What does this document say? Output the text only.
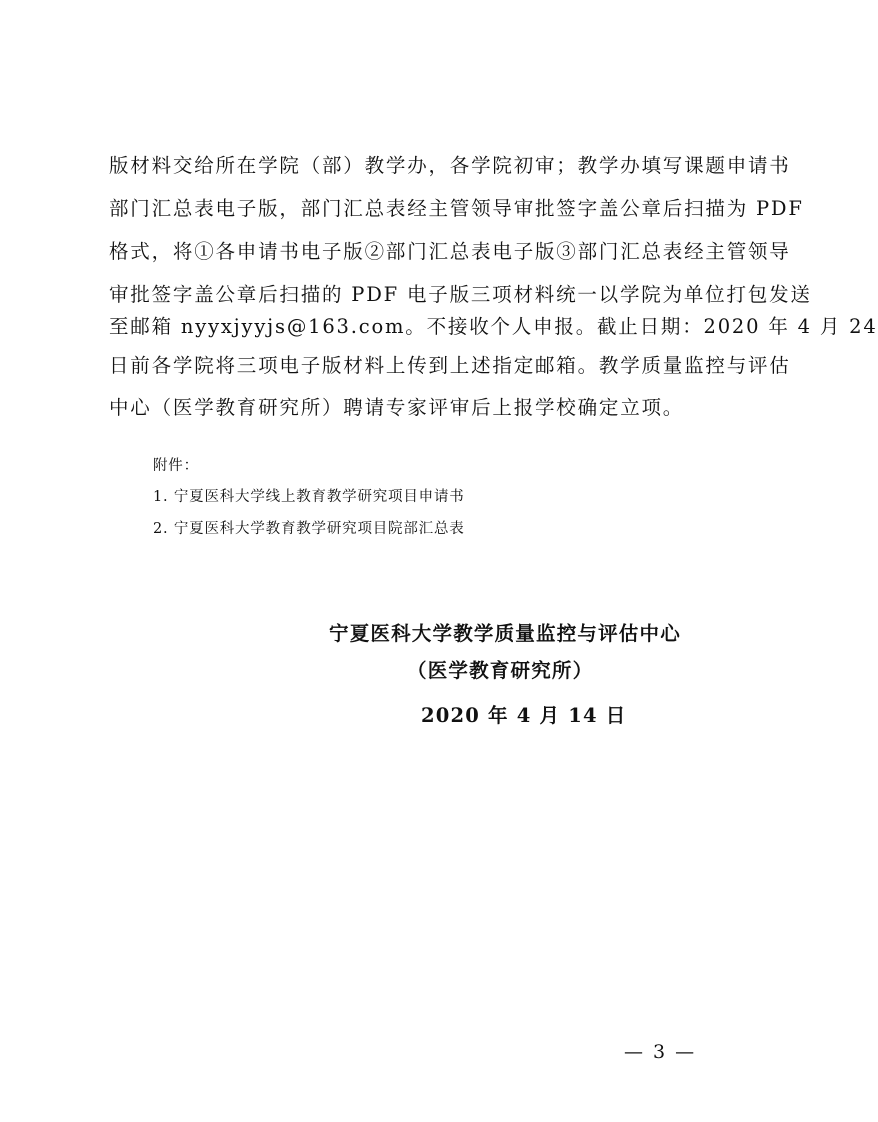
版材料交给所在学院（部）教学办，各学院初审；教学办填写课题申请书
部门汇总表电子版，部门汇总表经主管领导审批签字盖公章后扫描为 PDF
格式，将①各申请书电子版②部门汇总表电子版③部门汇总表经主管领导
审批签字盖公章后扫描的 PDF 电子版三项材料统一以学院为单位打包发送
至邮箱 nyyxjyyjs@163.com。不接收个人申报。截止日期：2020 年 4 月 24
日前各学院将三项电子版材料上传到上述指定邮箱。教学质量监控与评估
中心（医学教育研究所）聘请专家评审后上报学校确定立项。
附件：
1. 宁夏医科大学线上教育教学研究项目申请书
2. 宁夏医科大学教育教学研究项目院部汇总表
宁夏医科大学教学质量监控与评估中心
（医学教育研究所）
2020 年 4 月 14 日
— 3 —
